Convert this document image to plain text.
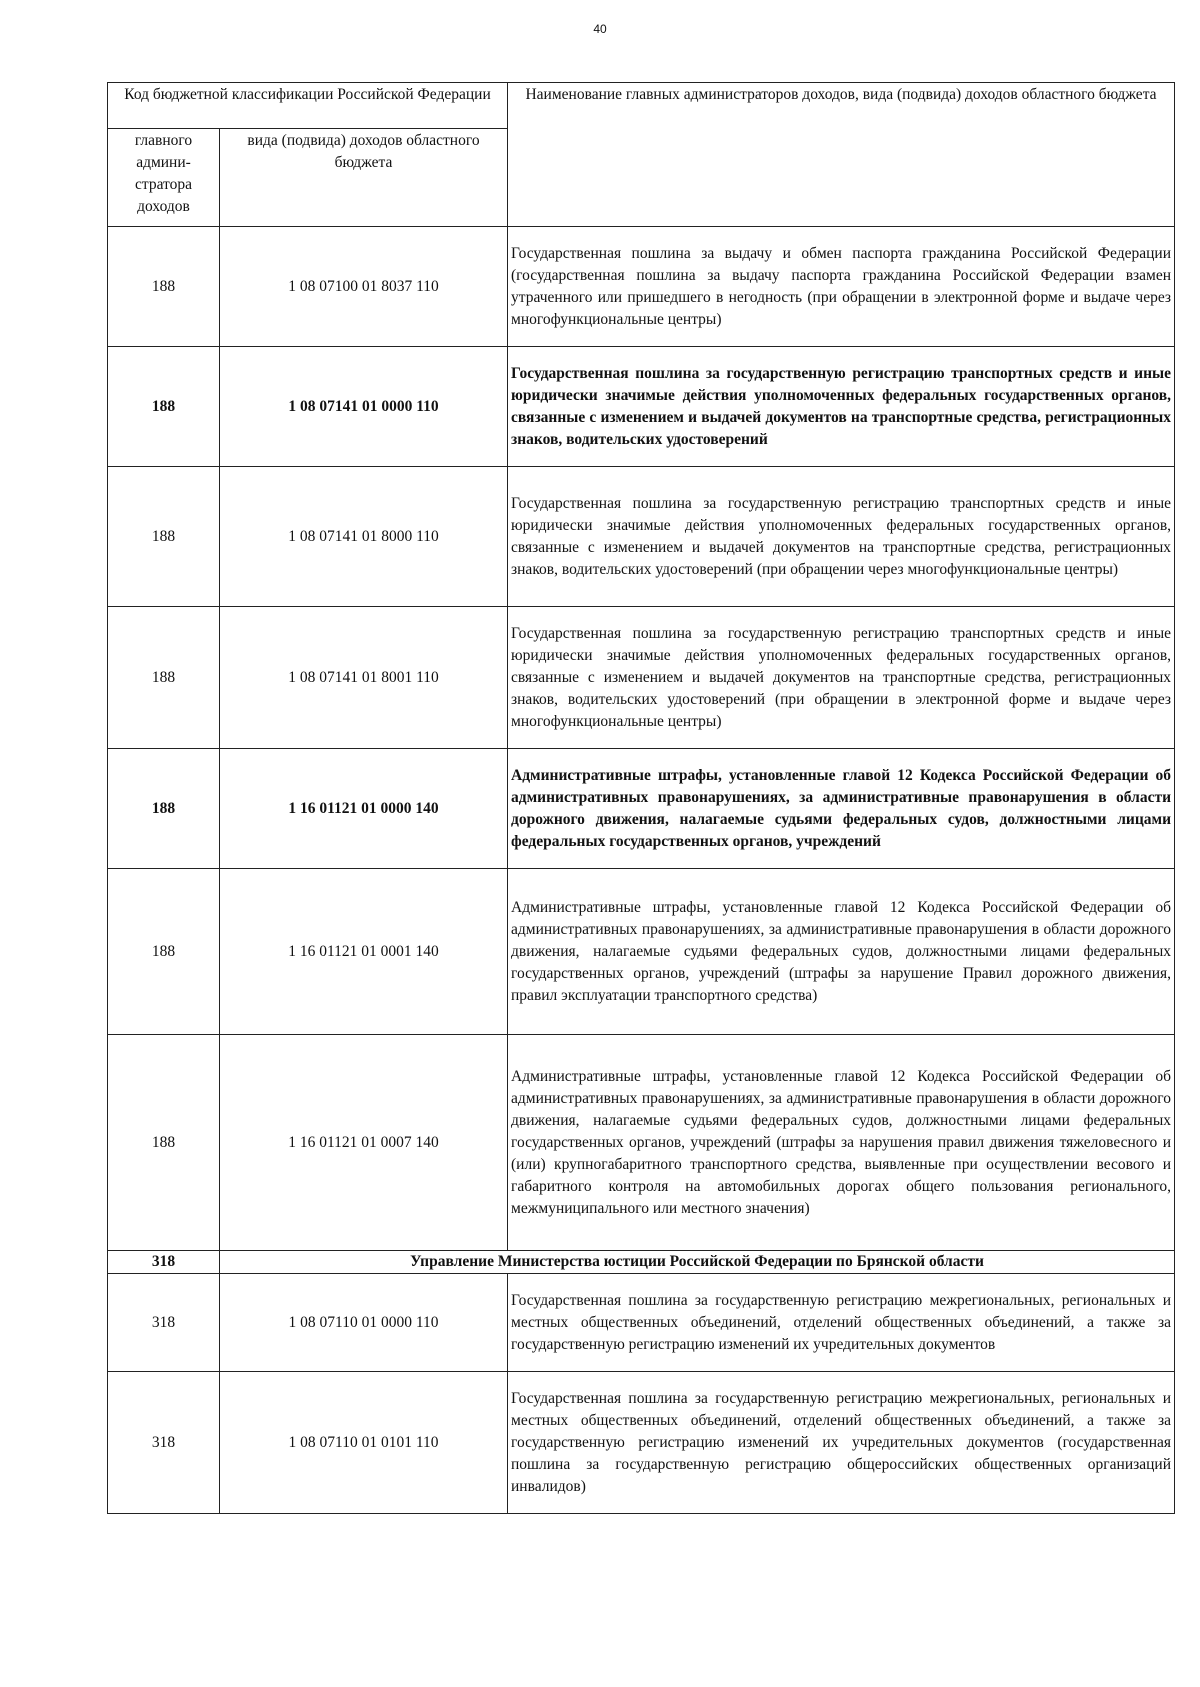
40
Код бюджетной классификации Российской Федерации		Наименование главных администраторов доходов, вида (подвида) доходов областного бюджета
главного админи-стратора доходов	вида (подвида) доходов областного бюджета	
188	1 08 07100 01 8037 110	Государственная пошлина за выдачу и обмен паспорта гражданина Российской Федерации (государственная пошлина за выдачу паспорта гражданина Российской Федерации взамен утраченного или пришедшего в негодность (при обращении в электронной форме и выдаче через многофункциональные центры)
188	1 08 07141 01 0000 110	Государственная пошлина за государственную регистрацию транспортных средств и иные юридически значимые действия уполномоченных федеральных государственных органов, связанные с изменением и выдачей документов на транспортные средства, регистрационных знаков, водительских удостоверений
188	1 08 07141 01 8000 110	Государственная пошлина за государственную регистрацию транспортных средств и иные юридически значимые действия уполномоченных федеральных государственных органов, связанные с изменением и выдачей документов на транспортные средства, регистрационных знаков, водительских удостоверений (при обращении через многофункциональные центры)
188	1 08 07141 01 8001 110	Государственная пошлина за государственную регистрацию транспортных средств и иные юридически значимые действия уполномоченных федеральных государственных органов, связанные с изменением и выдачей документов на транспортные средства, регистрационных знаков, водительских удостоверений (при обращении в электронной форме и выдаче через многофункциональные центры)
188	1 16 01121 01 0000 140	Административные штрафы, установленные главой 12 Кодекса Российской Федерации об административных правонарушениях, за административные правонарушения в области дорожного движения, налагаемые судьями федеральных судов, должностными лицами федеральных государственных органов, учреждений
188	1 16 01121 01 0001 140	Административные штрафы, установленные главой 12 Кодекса Российской Федерации об административных правонарушениях, за административные правонарушения в области дорожного движения, налагаемые судьями федеральных судов, должностными лицами федеральных государственных органов, учреждений (штрафы за нарушение Правил дорожного движения, правил эксплуатации транспортного средства)
188	1 16 01121 01 0007 140	Административные штрафы, установленные главой 12 Кодекса Российской Федерации об административных правонарушениях, за административные правонарушения в области дорожного движения, налагаемые судьями федеральных судов, должностными лицами федеральных государственных органов, учреждений (штрафы за нарушения правил движения тяжеловесного и (или) крупногабаритного транспортного средства, выявленные при осуществлении весового и габаритного контроля на автомобильных дорогах общего пользования регионального, межмуниципального или местного значения)
318	Управление Министерства юстиции Российской Федерации по Брянской области	
318	1 08 07110 01 0000 110	Государственная пошлина за государственную регистрацию межрегиональных, региональных и местных общественных объединений, отделений общественных объединений, а также за государственную регистрацию изменений их учредительных документов
318	1 08 07110 01 0101 110	Государственная пошлина за государственную регистрацию межрегиональных, региональных и местных общественных объединений, отделений общественных объединений, а также за государственную регистрацию изменений их учредительных документов (государственная пошлина за государственную регистрацию общероссийских общественных организаций инвалидов)
